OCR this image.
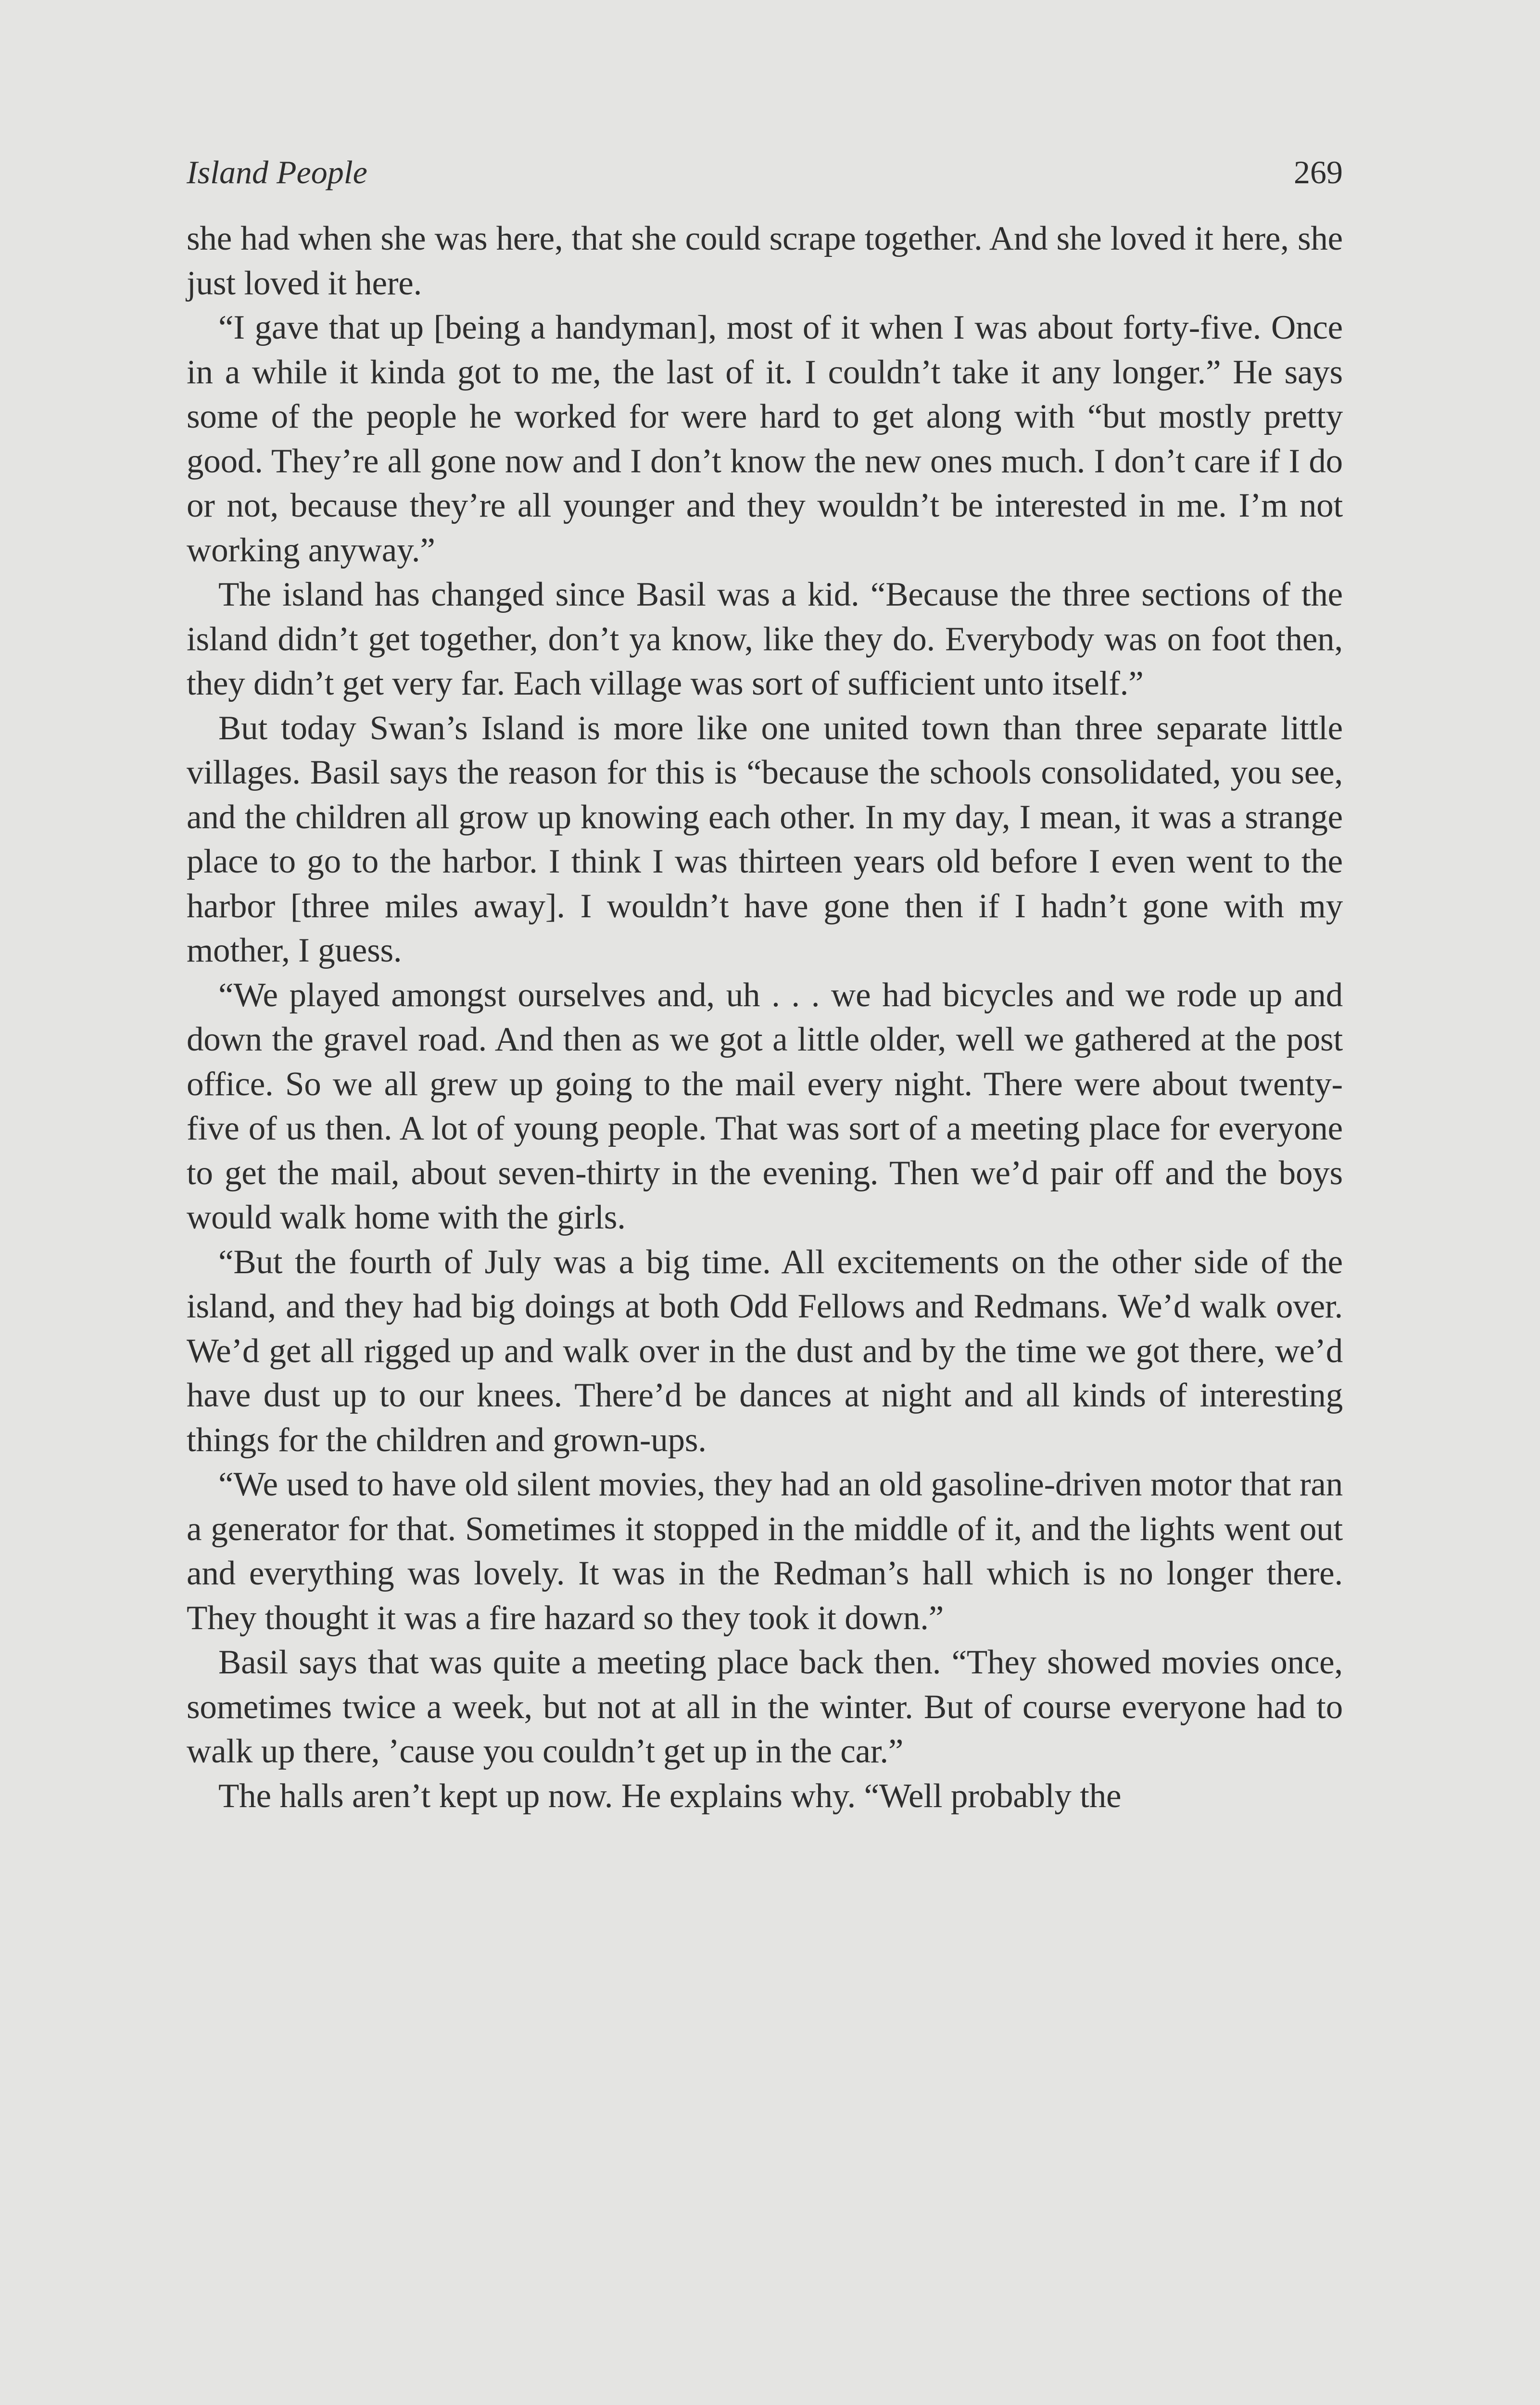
Island People	269

she had when she was here, that she could scrape together. And she loved it here, she just loved it here.

“I gave that up [being a handyman], most of it when I was about forty-five. Once in a while it kinda got to me, the last of it. I couldn’t take it any longer.” He says some of the people he worked for were hard to get along with “but mostly pretty good. They’re all gone now and I don’t know the new ones much. I don’t care if I do or not, because they’re all younger and they wouldn’t be interested in me. I’m not working anyway.”

The island has changed since Basil was a kid. “Because the three sections of the island didn’t get together, don’t ya know, like they do. Everybody was on foot then, they didn’t get very far. Each village was sort of sufficient unto itself.”

But today Swan’s Island is more like one united town than three separate little villages. Basil says the reason for this is “because the schools consolidated, you see, and the children all grow up knowing each other. In my day, I mean, it was a strange place to go to the harbor. I think I was thirteen years old before I even went to the harbor [three miles away]. I wouldn’t have gone then if I hadn’t gone with my mother, I guess.

“We played amongst ourselves and, uh . . . we had bicycles and we rode up and down the gravel road. And then as we got a little older, well we gathered at the post office. So we all grew up going to the mail every night. There were about twenty-five of us then. A lot of young people. That was sort of a meeting place for everyone to get the mail, about seven-thirty in the evening. Then we’d pair off and the boys would walk home with the girls.

“But the fourth of July was a big time. All excitements on the other side of the island, and they had big doings at both Odd Fellows and Redmans. We’d walk over. We’d get all rigged up and walk over in the dust and by the time we got there, we’d have dust up to our knees. There’d be dances at night and all kinds of interesting things for the children and grown-ups.

“We used to have old silent movies, they had an old gasoline-driven motor that ran a generator for that. Sometimes it stopped in the middle of it, and the lights went out and everything was lovely. It was in the Redman’s hall which is no longer there. They thought it was a fire hazard so they took it down.”

Basil says that was quite a meeting place back then. “They showed movies once, sometimes twice a week, but not at all in the winter. But of course everyone had to walk up there, ’cause you couldn’t get up in the car.”

The halls aren’t kept up now. He explains why. “Well probably the
